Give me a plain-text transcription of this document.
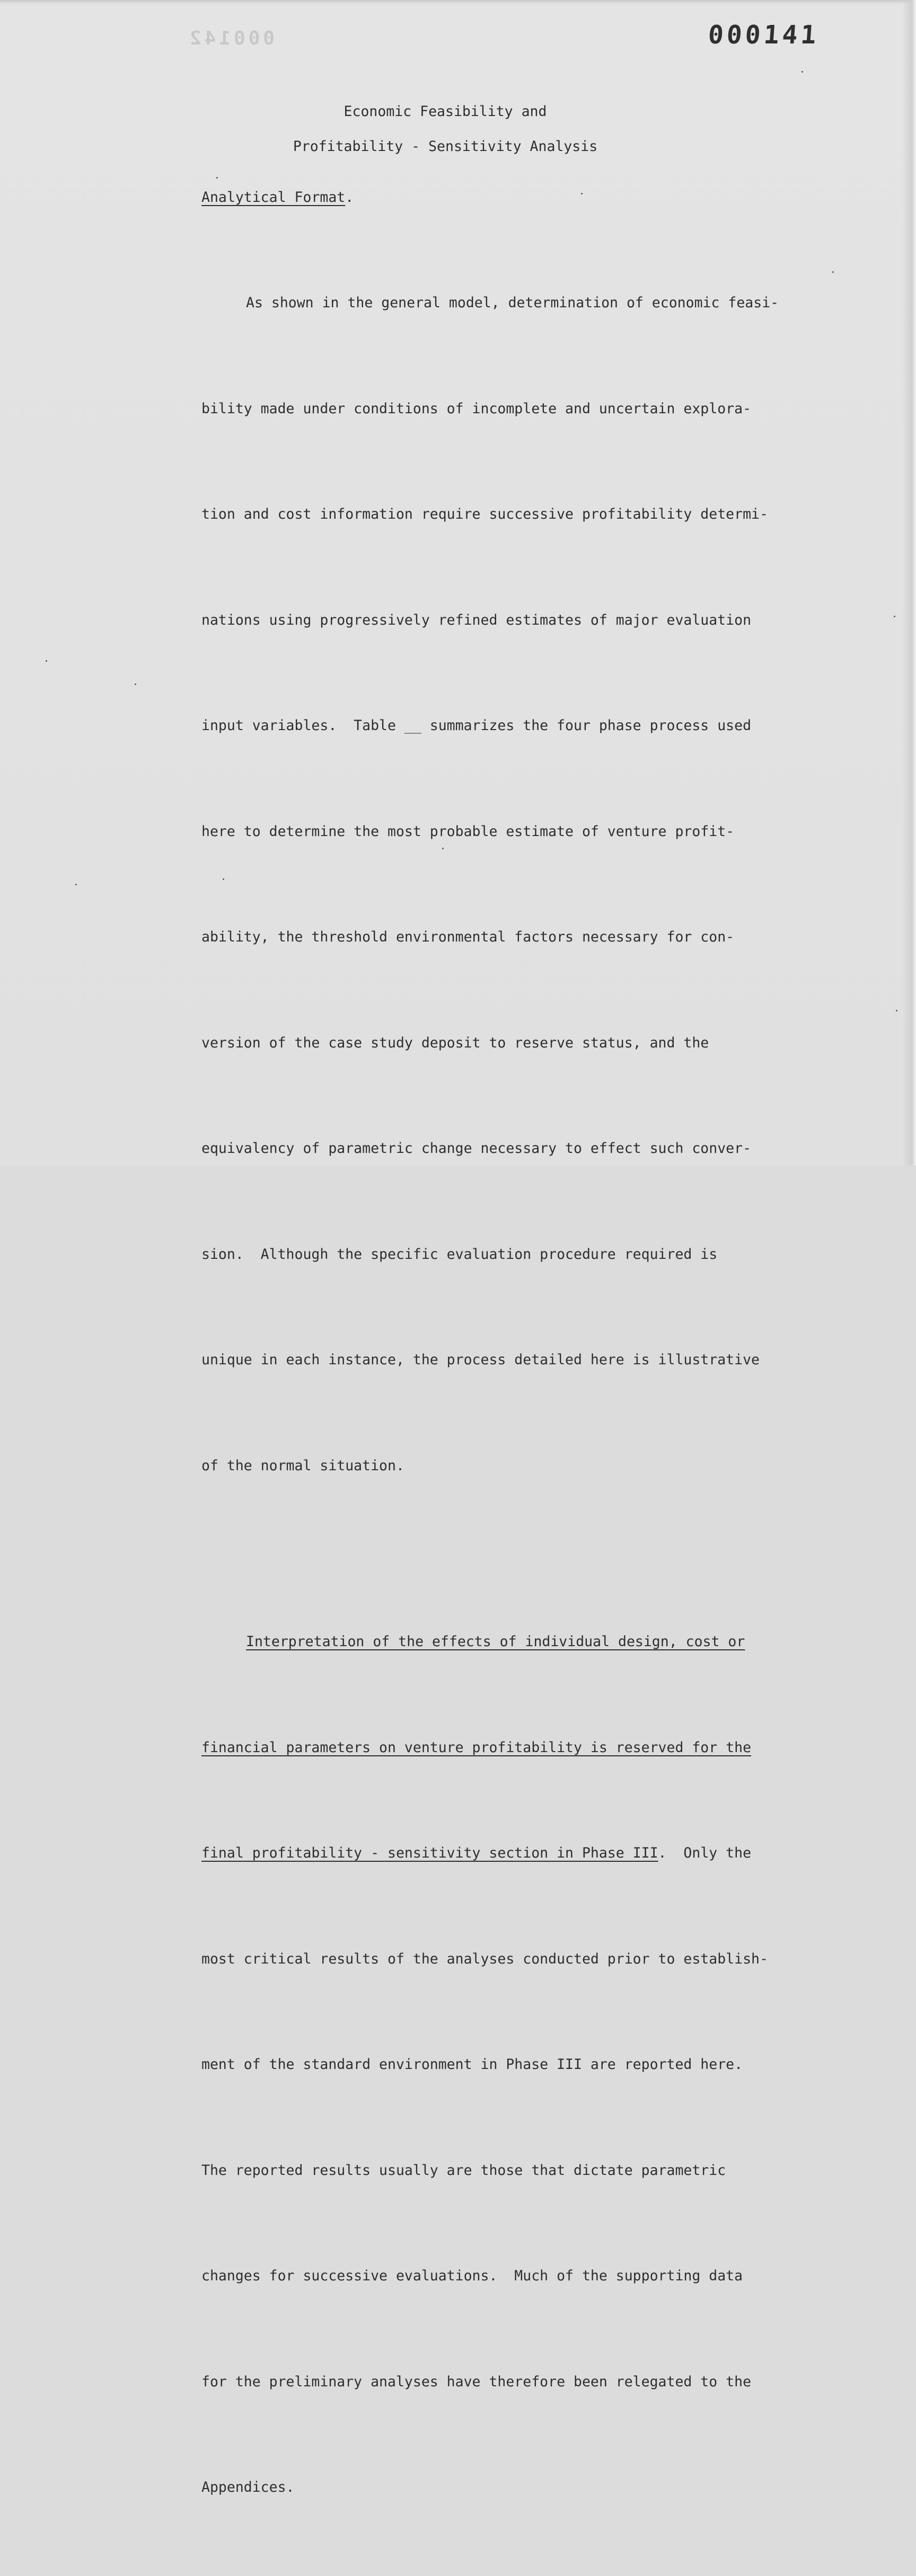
000142	000141

Economic Feasibility and

Profitability - Sensitivity Analysis

Analytical Format.

As shown in the general model, determination of economic feasi-

bility made under conditions of incomplete and uncertain explora-

tion and cost information require successive profitability determi-

nations using progressively refined estimates of major evaluation

input variables.  Table __ summarizes the four phase process used

here to determine the most probable estimate of venture profit-

ability, the threshold environmental factors necessary for con-

version of the case study deposit to reserve status, and the

equivalency of parametric change necessary to effect such conver-

sion.  Although the specific evaluation procedure required is

unique in each instance, the process detailed here is illustrative

of the normal situation.

Interpretation of the effects of individual design, cost or

financial parameters on venture profitability is reserved for the

final profitability - sensitivity section in Phase III.  Only the

most critical results of the analyses conducted prior to establish-

ment of the standard environment in Phase III are reported here.

The reported results usually are those that dictate parametric

changes for successive evaluations.  Much of the supporting data

for the preliminary analyses have therefore been relegated to the

Appendices.
